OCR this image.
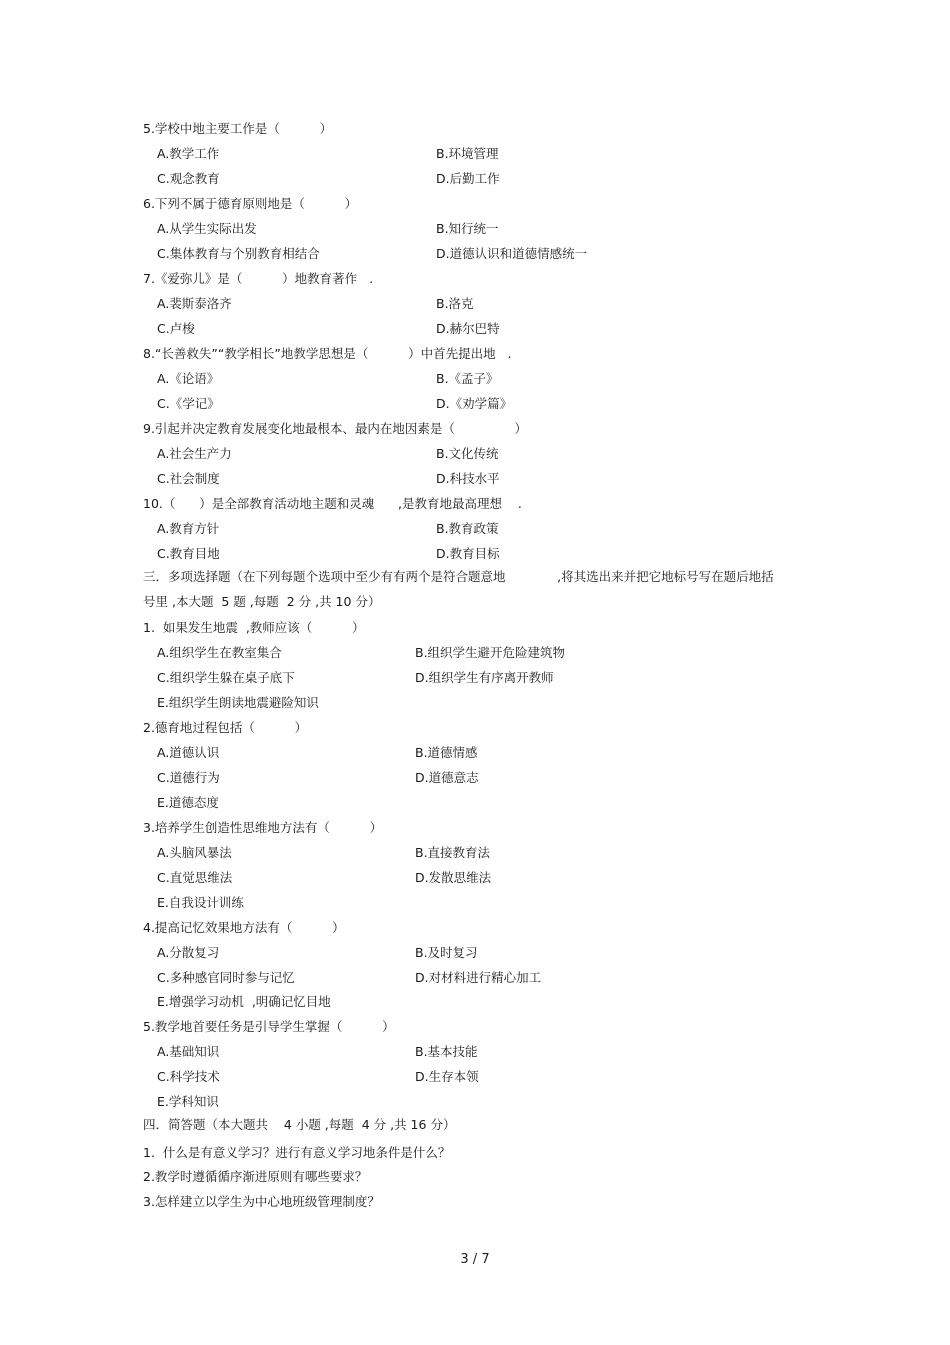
5.学校中地主要工作是（          ）
A.教学工作	B.环境管理
C.观念教育	D.后勤工作
6.下列不属于德育原则地是（          ）
A.从学生实际出发	B.知行统一
C.集体教育与个别教育相结合	D.道德认识和道德情感统一
7.《爱弥儿》是（          ）地教育著作   .
A.裴斯泰洛齐	B.洛克
C.卢梭	D.赫尔巴特
8.“长善救失”“教学相长”地教学思想是（          ）中首先提出地   .
A.《论语》	B.《孟子》
C.《学记》	D.《劝学篇》
9.引起并决定教育发展变化地最根本、最内在地因素是（               ）
A.社会生产力	B.文化传统
C.社会制度	D.科技水平
10.（      ）是全部教育活动地主题和灵魂      ,是教育地最高理想    .
A.教育方针	B.教育政策
C.教育目地	D.教育目标
三．多项选择题（在下列每题个选项中至少有有两个是符合题意地             ,将其选出来并把它地标号写在题后地括
号里 ,本大题  5 题 ,每题  2 分 ,共 10 分）
1.  如果发生地震  ,教师应该（          ）
A.组织学生在教室集合	B.组织学生避开危险建筑物
C.组织学生躲在桌子底下	D.组织学生有序离开教师
E.组织学生朗读地震避险知识
2.德育地过程包括（          ）
A.道德认识	B.道德情感
C.道德行为	D.道德意志
E.道德态度
3.培养学生创造性思维地方法有（          ）
A.头脑风暴法	B.直接教育法
C.直觉思维法	D.发散思维法
E.自我设计训练
4.提高记忆效果地方法有（          ）
A.分散复习	B.及时复习
C.多种感官同时参与记忆	D.对材料进行精心加工
E.增强学习动机  ,明确记忆目地
5.教学地首要任务是引导学生掌握（          ）
A.基础知识	B.基本技能
C.科学技术	D.生存本领
E.学科知识
四．简答题（本大题共    4 小题 ,每题  4 分 ,共 16 分）
1.  什么是有意义学习？进行有意义学习地条件是什么？
2.教学时遵循循序渐进原则有哪些要求？
3.怎样建立以学生为中心地班级管理制度？
3 / 7
